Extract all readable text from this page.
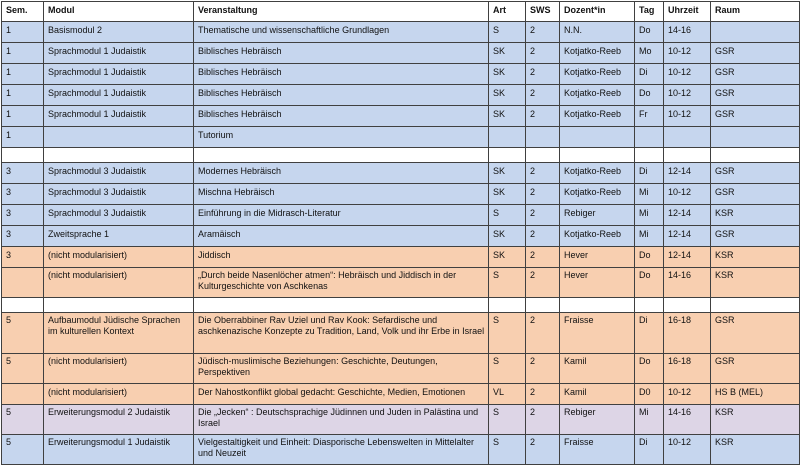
Sem.	Modul	Veranstaltung	Art	SWS	Dozent*in	Tag	Uhrzeit	Raum
1	Basismodul 2	Thematische und wissenschaftliche Grundlagen	S	2	N.N.	Do	14-16	
1	Sprachmodul 1 Judaistik	Biblisches Hebräisch	SK	2	Kotjatko-Reeb	Mo	10-12	GSR
1	Sprachmodul 1 Judaistik	Biblisches Hebräisch	SK	2	Kotjatko-Reeb	Di	10-12	GSR
1	Sprachmodul 1 Judaistik	Biblisches Hebräisch	SK	2	Kotjatko-Reeb	Do	10-12	GSR
1	Sprachmodul 1 Judaistik	Biblisches Hebräisch	SK	2	Kotjatko-Reeb	Fr	10-12	GSR
1		Tutorium						

3	Sprachmodul 3 Judaistik	Modernes Hebräisch	SK	2	Kotjatko-Reeb	Di	12-14	GSR
3	Sprachmodul 3 Judaistik	Mischna Hebräisch	SK	2	Kotjatko-Reeb	Mi	10-12	GSR
3	Sprachmodul 3 Judaistik	Einführung in die Midrasch-Literatur	S	2	Rebiger	Mi	12-14	KSR
3	Zweitsprache 1	Aramäisch	SK	2	Kotjatko-Reeb	Mi	12-14	GSR
3	(nicht modularisiert)	Jiddisch	SK	2	Hever	Do	12-14	KSR
	(nicht modularisiert)	„Durch beide Nasenlöcher atmen“: Hebräisch und Jiddisch in der Kulturgeschichte von Aschkenas	S	2	Hever	Do	14-16	KSR

5	Aufbaumodul Jüdische Sprachen im kulturellen Kontext	Die Oberrabbiner Rav Uziel und Rav Kook: Sefardische und aschkenazische Konzepte zu Tradition, Land, Volk und ihr Erbe in Israel	S	2	Fraisse	Di	16-18	GSR
5	(nicht modularisiert)	Jüdisch-muslimische Beziehungen: Geschichte, Deutungen, Perspektiven	S	2	Kamil	Do	16-18	GSR
	(nicht modularisiert)	Der Nahostkonflikt global gedacht: Geschichte, Medien, Emotionen	VL	2	Kamil	D0	10-12	HS B (MEL)
5	Erweiterungsmodul 2 Judaistik	Die „Jecken“ : Deutschsprachige Jüdinnen und Juden in Palästina und Israel	S	2	Rebiger	Mi	14-16	KSR
5	Erweiterungsmodul 1 Judaistik	Vielgestaltigkeit und Einheit: Diasporische Lebenswelten in Mittelalter und Neuzeit	S	2	Fraisse	Di	10-12	KSR
